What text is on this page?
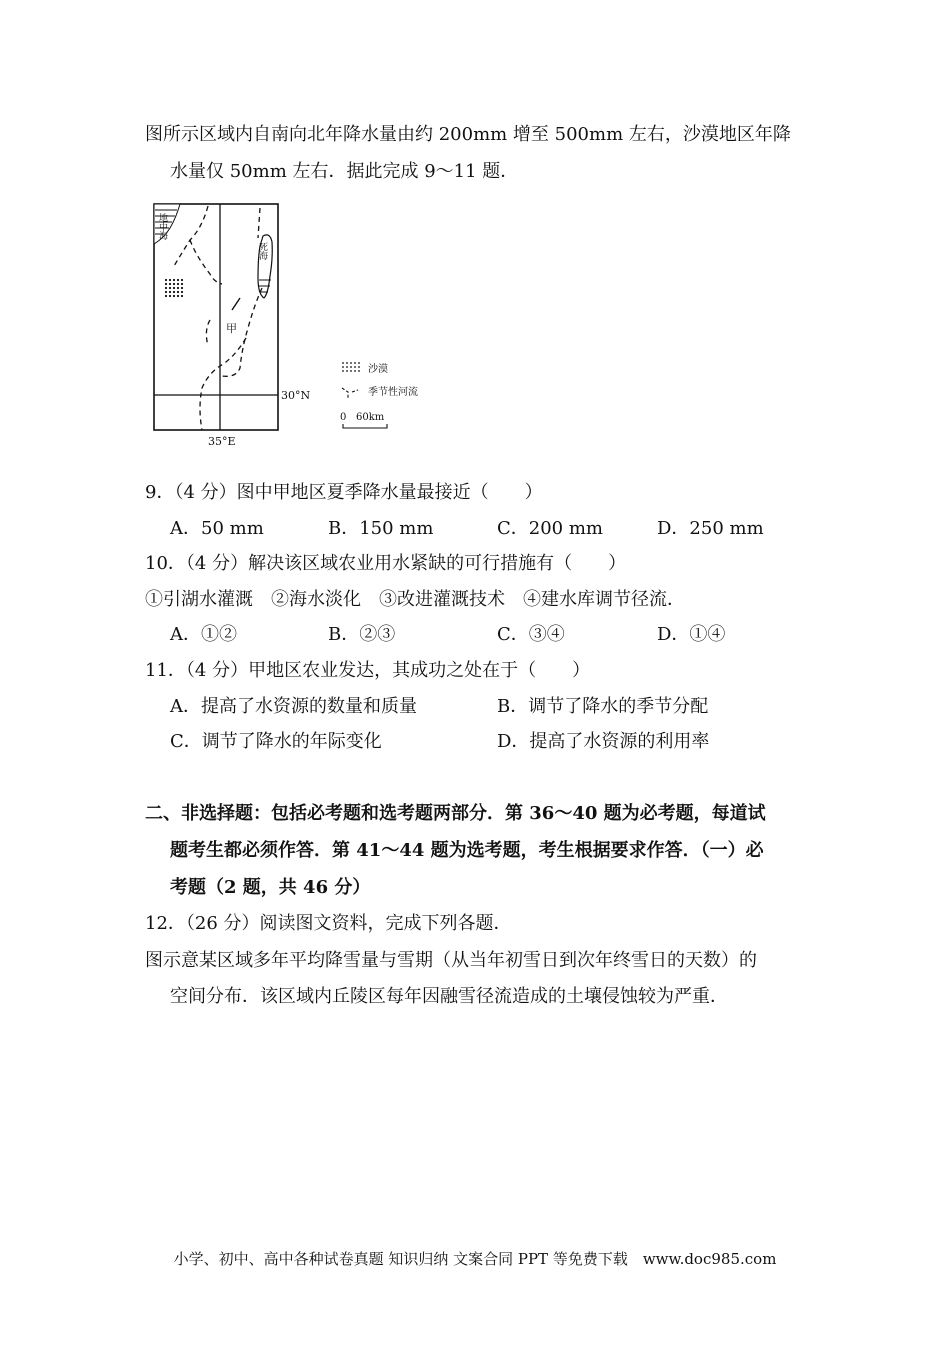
图所示区域内自南向北年降水量由约 200mm 增至 500mm 左右，沙漠地区年降
水量仅 50mm 左右．据此完成 9～11 题．
地中海
死海
甲
30°N
35°E
沙漠
季节性河流
0 60km
9．（4 分）图中甲地区夏季降水量最接近（　　）
A．50 mm	B．150 mm	C．200 mm	D．250 mm
10．（4 分）解决该区域农业用水紧缺的可行措施有（　　）
①引湖水灌溉　②海水淡化　③改进灌溉技术　④建水库调节径流．
A．①②	B．②③	C．③④	D．①④
11．（4 分）甲地区农业发达，其成功之处在于（　　）
A．提高了水资源的数量和质量	B．调节了降水的季节分配
C．调节了降水的年际变化	D．提高了水资源的利用率
二、非选择题：包括必考题和选考题两部分．第 36～40 题为必考题，每道试
题考生都必须作答．第 41～44 题为选考题，考生根据要求作答．（一）必
考题（2 题，共 46 分）
12．（26 分）阅读图文资料，完成下列各题．
图示意某区域多年平均降雪量与雪期（从当年初雪日到次年终雪日的天数）的
空间分布．该区域内丘陵区每年因融雪径流造成的土壤侵蚀较为严重．
小学、初中、高中各种试卷真题 知识归纳 文案合同 PPT 等免费下载　www.doc985.com
